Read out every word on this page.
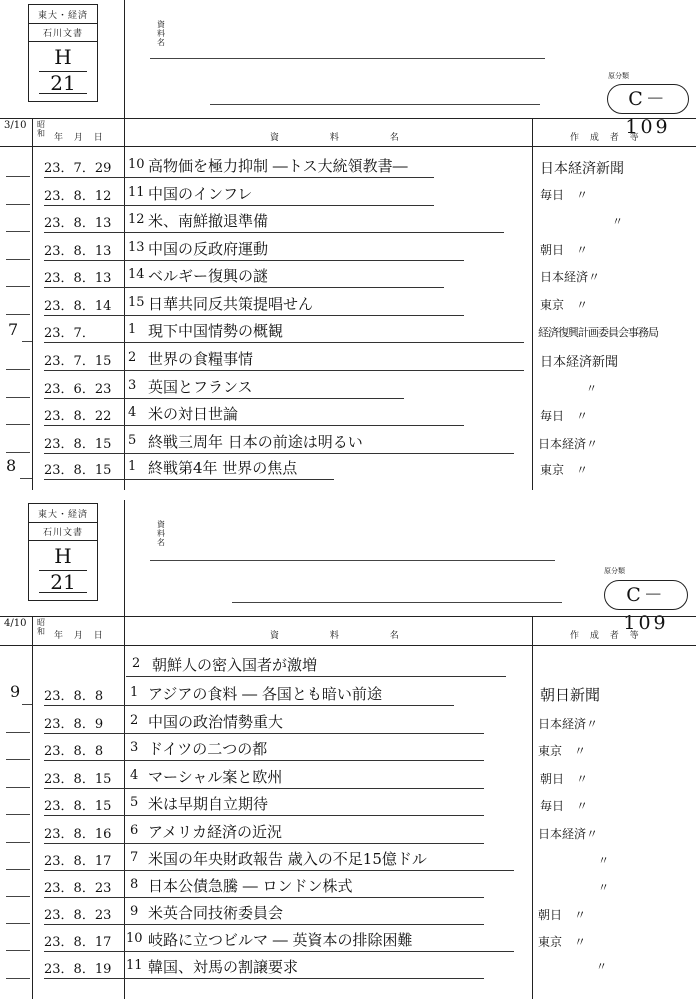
東大・経済
石川文書
H
21
資
料
名
原分類
C－109
3/10 昭
和 年 月 日	資 料 名	作 成 者 等
23．7．29 10 高物価を極力抑制 ―トス大統領教書―	日本経済新聞
23．8．12 11 中国のインフレ	毎日　〃
23．8．13 12 米、南鮮撤退準備	〃
23．8．13 13 中国の反政府運動	朝日　〃
23．8．13 14 ベルギー復興の謎	日本経済〃
23．8．14 15 日華共同反共策提唱せん	東京　〃
7 23．7．	1 現下中国情勢の概観	経済復興計画委員会事務局
23．7．15 2 世界の食糧事情	日本経済新聞
23．6．23 3 英国とフランス	〃
23．8．22 4 米の対日世論	毎日　〃
23．8．15 5 終戦三周年 日本の前途は明るい	日本経済〃
8 23．8．15 1 終戦第4年 世界の焦点	東京　〃
東大・経済
石川文書
H
21
資
料
名
原分類
C－109
4/10 昭
和 年 月 日	資 料 名	作 成 者 等
2 朝鮮人の密入国者が激増
9 23．8．8 1 アジアの食料 ― 各国とも暗い前途	朝日新聞
23．8．9 2 中国の政治情勢重大	日本経済〃
23．8．8 3 ドイツの二つの都	東京　〃
23．8．15 4 マーシャル案と欧州	朝日　〃
23．8．15 5 米は早期自立期待	毎日　〃
23．8．16 6 アメリカ経済の近況	日本経済〃
23．8．17 7 米国の年央財政報告 歳入の不足15億ドル	〃
23．8．23 8 日本公債急騰 ― ロンドン株式	〃
23．8．23 9 米英合同技術委員会	朝日　〃
23．8．17 10 岐路に立つビルマ ― 英資本の排除困難	東京　〃
23．8．19 11 韓国、対馬の割譲要求	〃
